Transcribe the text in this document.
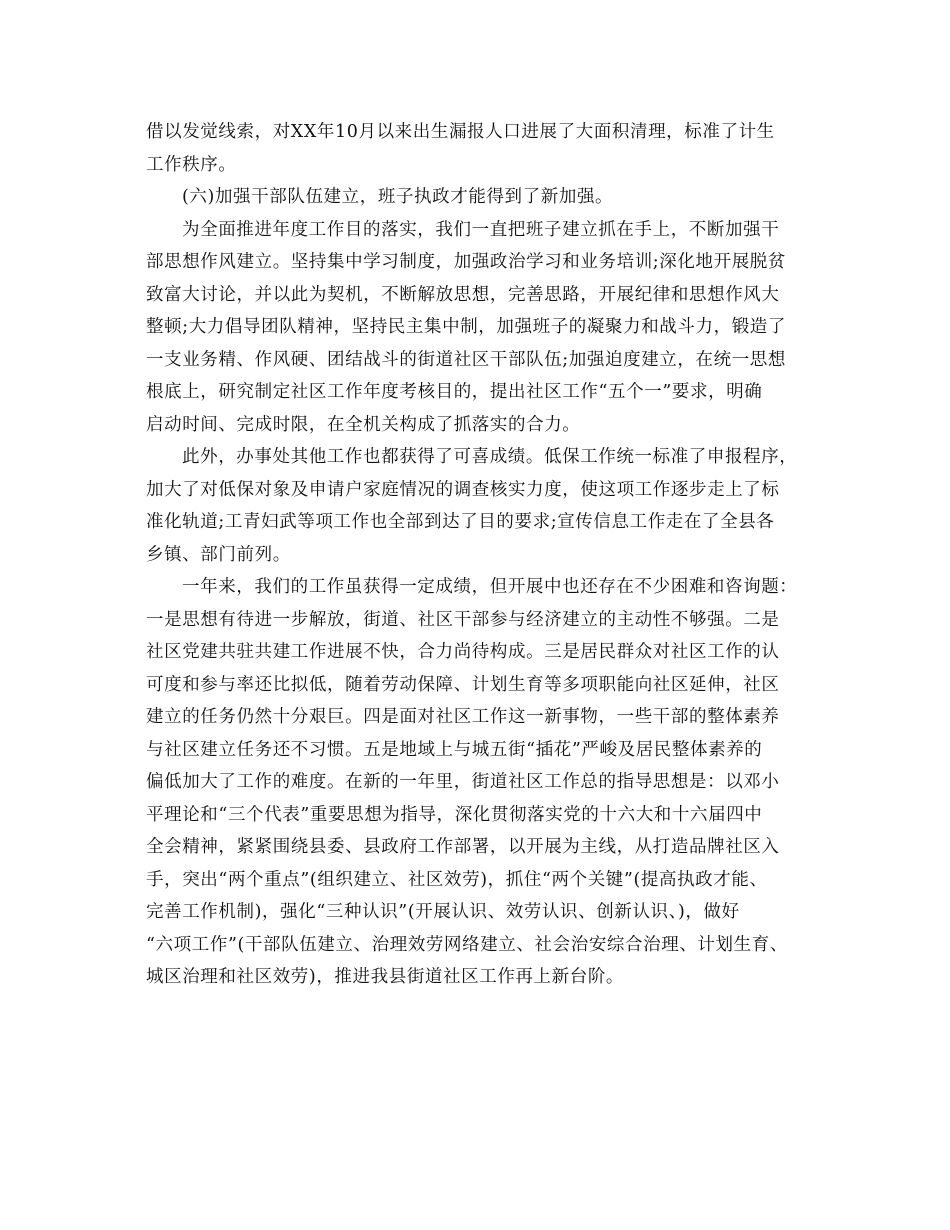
借以发觉线索，对XX年10月以来出生漏报人口进展了大面积清理，标准了计生
工作秩序。
(六)加强干部队伍建立，班子执政才能得到了新加强。
为全面推进年度工作目的落实，我们一直把班子建立抓在手上，不断加强干
部思想作风建立。坚持集中学习制度，加强政治学习和业务培训;深化地开展脱贫
致富大讨论，并以此为契机，不断解放思想，完善思路，开展纪律和思想作风大
整顿;大力倡导团队精神，坚持民主集中制，加强班子的凝聚力和战斗力，锻造了
一支业务精、作风硬、团结战斗的街道社区干部队伍;加强迫度建立，在统一思想
根底上，研究制定社区工作年度考核目的，提出社区工作“五个一”要求，明确
启动时间、完成时限，在全机关构成了抓落实的合力。
此外，办事处其他工作也都获得了可喜成绩。低保工作统一标准了申报程序，
加大了对低保对象及申请户家庭情况的调查核实力度，使这项工作逐步走上了标
准化轨道;工青妇武等项工作也全部到达了目的要求;宣传信息工作走在了全县各
乡镇、部门前列。
一年来，我们的工作虽获得一定成绩，但开展中也还存在不少困难和咨询题：
一是思想有待进一步解放，街道、社区干部参与经济建立的主动性不够强。二是
社区党建共驻共建工作进展不快，合力尚待构成。三是居民群众对社区工作的认
可度和参与率还比拟低，随着劳动保障、计划生育等多项职能向社区延伸，社区
建立的任务仍然十分艰巨。四是面对社区工作这一新事物，一些干部的整体素养
与社区建立任务还不习惯。五是地域上与城五街“插花”严峻及居民整体素养的
偏低加大了工作的难度。在新的一年里，街道社区工作总的指导思想是：以邓小
平理论和“三个代表”重要思想为指导，深化贯彻落实党的十六大和十六届四中
全会精神，紧紧围绕县委、县政府工作部署，以开展为主线，从打造品牌社区入
手，突出“两个重点”(组织建立、社区效劳)，抓住“两个关键”(提高执政才能、
完善工作机制)，强化“三种认识”(开展认识、效劳认识、创新认识、)，做好
“六项工作”(干部队伍建立、治理效劳网络建立、社会治安综合治理、计划生育、
城区治理和社区效劳)，推进我县街道社区工作再上新台阶。
